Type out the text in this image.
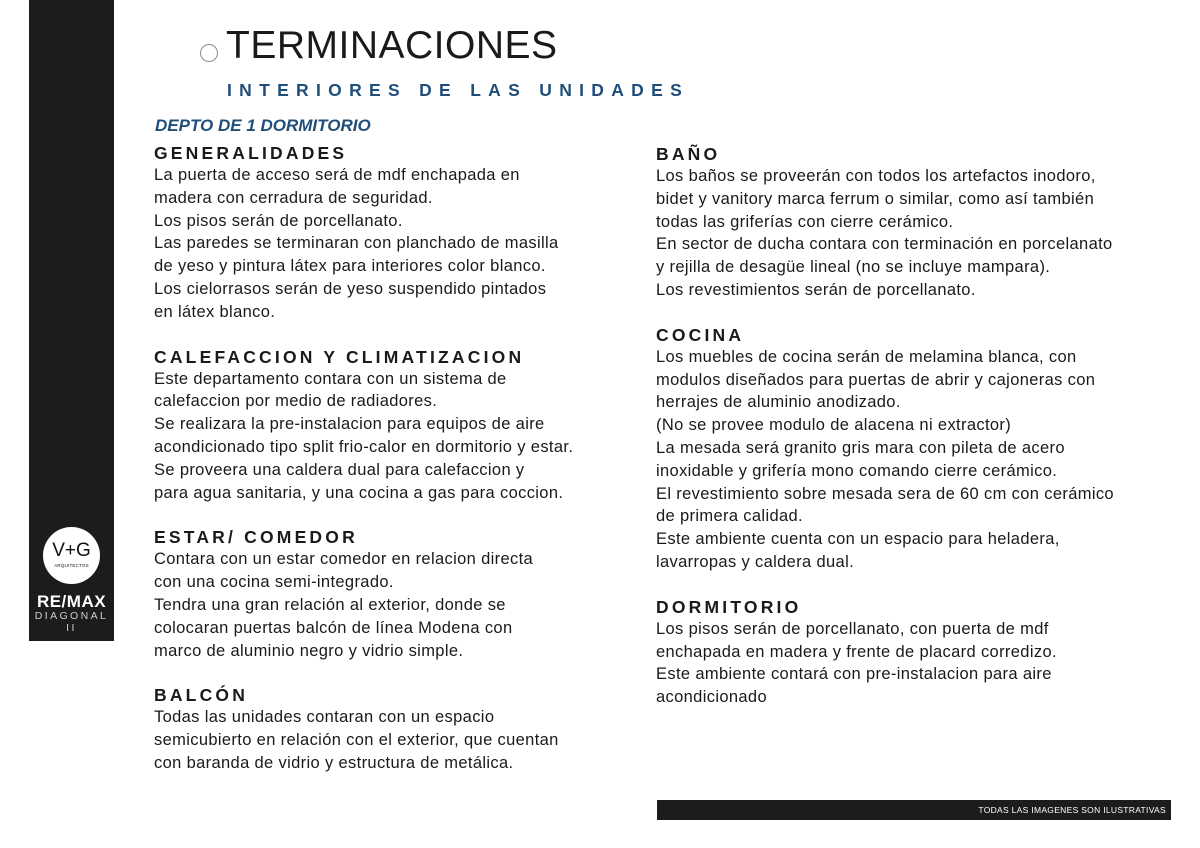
V+G
ARQUITECTOS
RE/MAX
DIAGONAL II
TERMINACIONES
INTERIORES DE LAS UNIDADES
DEPTO DE 1 DORMITORIO
GENERALIDADES
La puerta de acceso será de mdf enchapada en
madera con cerradura de seguridad.
Los pisos serán de porcellanato.
Las paredes se terminaran con planchado de masilla
de yeso y pintura látex para interiores color blanco.
Los cielorrasos serán de yeso suspendido pintados
en látex blanco.
CALEFACCION Y CLIMATIZACION
Este departamento contara con un sistema de
calefaccion por medio de radiadores.
Se realizara la pre-instalacion para equipos de aire
acondicionado tipo split frio-calor en dormitorio y estar.
Se proveera una caldera dual para calefaccion y
para agua sanitaria, y una cocina a gas para coccion.
ESTAR/ COMEDOR
Contara con un estar comedor en relacion directa
con una cocina semi-integrado.
Tendra una gran relación al exterior, donde se
colocaran puertas balcón de línea Modena con
marco de aluminio negro y vidrio simple.
BALCÓN
Todas las unidades contaran con un espacio
semicubierto en relación con el exterior, que cuentan
con baranda de vidrio y estructura de metálica.
BAÑO
Los baños se proveerán con todos los artefactos inodoro,
bidet y vanitory marca ferrum o similar, como así también
todas las griferías con cierre cerámico.
En sector de ducha contara con terminación en porcelanato
y rejilla de desagüe lineal (no se incluye mampara).
Los revestimientos serán de porcellanato.
COCINA
Los muebles de cocina serán de melamina blanca, con
modulos diseñados para puertas de abrir y cajoneras con
herrajes de aluminio anodizado.
(No se provee modulo de alacena ni extractor)
La mesada será granito gris mara con pileta de acero
inoxidable y grifería mono comando cierre cerámico.
El revestimiento sobre mesada sera de 60 cm con cerámico
de primera calidad.
Este ambiente cuenta con un espacio para heladera,
lavarropas y caldera dual.
DORMITORIO
Los pisos serán de porcellanato, con puerta de mdf
enchapada en madera y frente de placard corredizo.
Este ambiente contará con pre-instalacion para aire
acondicionado
TODAS LAS IMAGENES SON ILUSTRATIVAS
